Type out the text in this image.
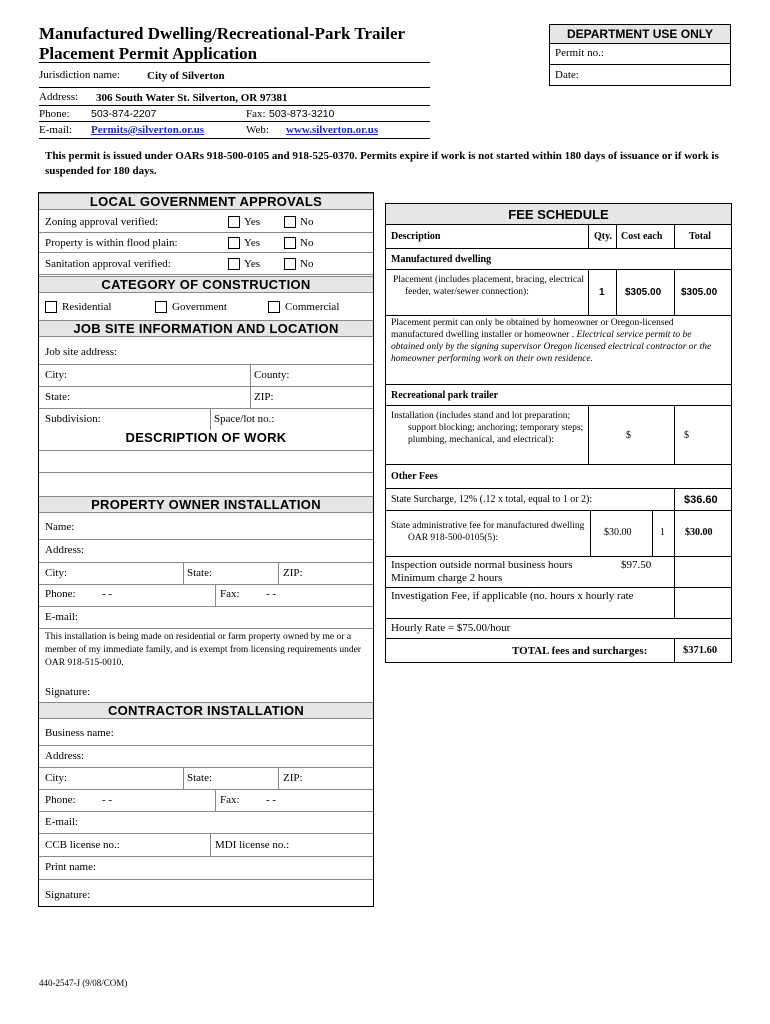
Manufactured Dwelling/Recreational-Park Trailer
Placement Permit Application
Jurisdiction name: City of Silverton
Address: 306 South Water St. Silverton, OR 97381
Phone: 503-874-2207	Fax: 503-873-3210
E-mail: Permits@silverton.or.us	Web: www.silverton.or.us
DEPARTMENT USE ONLY
Permit no.:
Date:
This permit is issued under OARs 918-500-0105 and 918-525-0370. Permits expire if work is not started within 180 days of issuance or if work is suspended for 180 days.
LOCAL GOVERNMENT APPROVALS
Zoning approval verified:	Yes	No
Property is within flood plain:	Yes	No
Sanitation approval verified:	Yes	No
CATEGORY OF CONSTRUCTION
Residential	Government	Commercial
JOB SITE INFORMATION AND LOCATION
Job site address:
City:	County:
State:	ZIP:
Subdivision:	Space/lot no.:
DESCRIPTION OF WORK
PROPERTY OWNER INSTALLATION
Name:
Address:
City:	State:	ZIP:
Phone: - -	Fax: - -
E-mail:
This installation is being made on residential or farm property owned by me or a member of my immediate family, and is exempt from licensing requirements under OAR 918-515-0010.
Signature:
CONTRACTOR INSTALLATION
Business name:
Address:
City:	State:	ZIP:
Phone: - -	Fax: - -
E-mail:
CCB license no.:	MDI license no.:
Print name:
Signature:
FEE SCHEDULE
Description	Qty. Cost each	Total
Manufactured dwelling
Placement (includes placement, bracing, electrical feeder, water/sewer connection):	1 $305.00 $305.00
Placement permit can only be obtained by homeowner or Oregon-licensed manufactured dwelling installer or homeowner . Electrical service permit to be obtained only by the signing supervisor Oregon licensed electrical contractor or the homeowner performing work on their own residence.
Recreational park trailer
Installation (includes stand and lot preparation; support blocking; anchoring; temporary steps; plumbing, mechanical, and electrical):	$	$
Other Fees
State Surcharge, 12% (.12 x total, equal to 1 or 2):	$36.60
State administrative fee for manufactured dwelling OAR 918-500-0105(5):	$30.00	1 $30.00
Inspection outside normal business hours	$97.50
Minimum charge 2 hours
Investigation Fee, if applicable (no. hours x hourly rate
Hourly Rate = $75.00/hour
TOTAL fees and surcharges:	$371.60
440-2547-J (9/08/COM)
